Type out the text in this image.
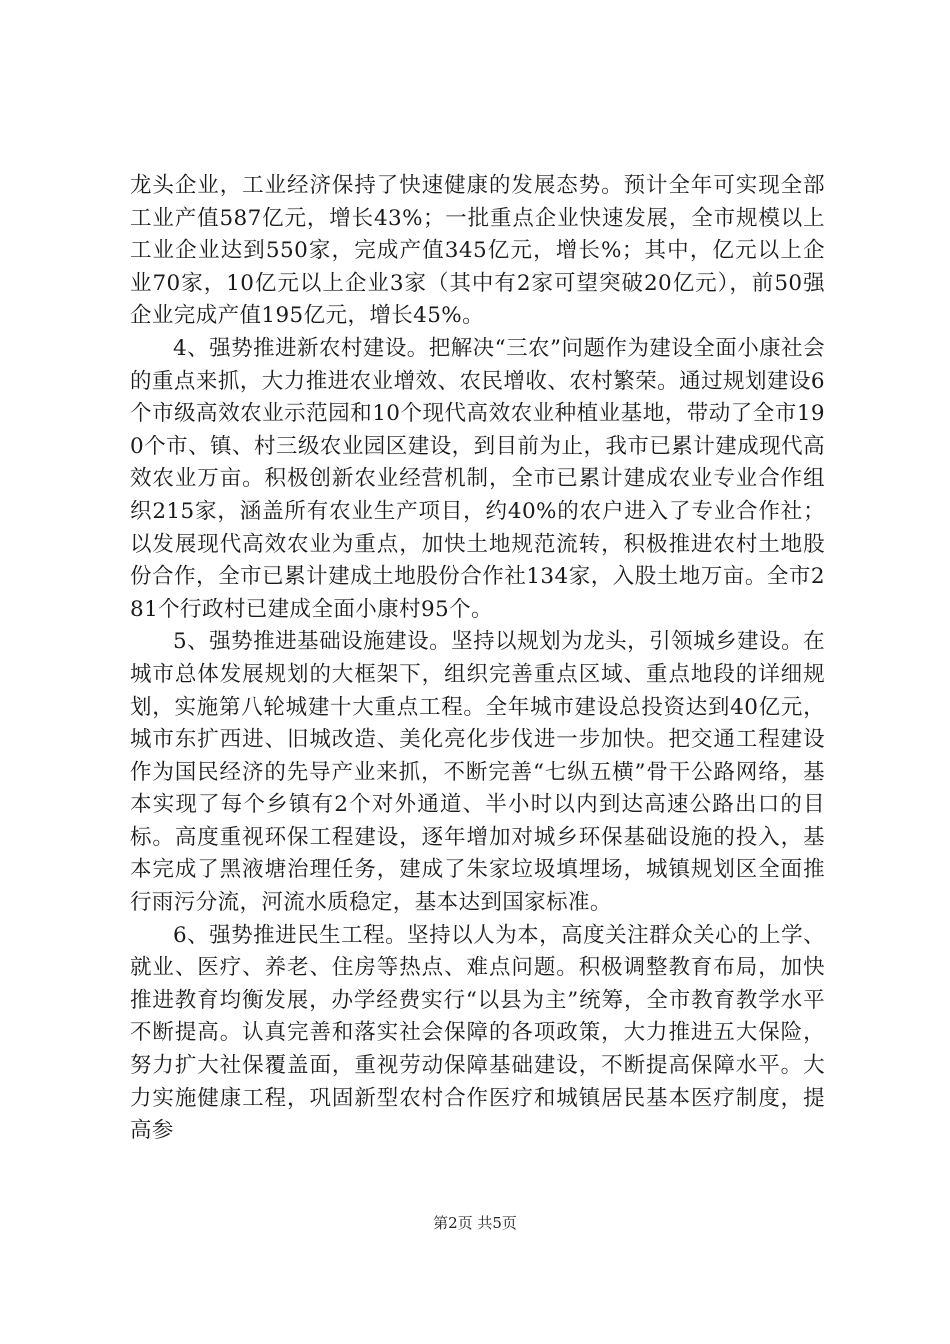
龙头企业，工业经济保持了快速健康的发展态势。预计全年可实现全部工业产值587亿元，增长43%；一批重点企业快速发展，全市规模以上工业企业达到550家，完成产值345亿元，增长%；其中，亿元以上企业70家，10亿元以上企业3家（其中有2家可望突破20亿元），前50强企业完成产值195亿元，增长45%。

4、强势推进新农村建设。把解决“三农”问题作为建设全面小康社会的重点来抓，大力推进农业增效、农民增收、农村繁荣。通过规划建设6个市级高效农业示范园和10个现代高效农业种植业基地，带动了全市190个市、镇、村三级农业园区建设，到目前为止，我市已累计建成现代高效农业万亩。积极创新农业经营机制，全市已累计建成农业专业合作组织215家，涵盖所有农业生产项目，约40%的农户进入了专业合作社；以发展现代高效农业为重点，加快土地规范流转，积极推进农村土地股份合作，全市已累计建成土地股份合作社134家，入股土地万亩。全市281个行政村已建成全面小康村95个。

5、强势推进基础设施建设。坚持以规划为龙头，引领城乡建设。在城市总体发展规划的大框架下，组织完善重点区域、重点地段的详细规划，实施第八轮城建十大重点工程。全年城市建设总投资达到40亿元，城市东扩西进、旧城改造、美化亮化步伐进一步加快。把交通工程建设作为国民经济的先导产业来抓，不断完善“七纵五横”骨干公路网络，基本实现了每个乡镇有2个对外通道、半小时以内到达高速公路出口的目标。高度重视环保工程建设，逐年增加对城乡环保基础设施的投入，基本完成了黑液塘治理任务，建成了朱家垃圾填埋场，城镇规划区全面推行雨污分流，河流水质稳定，基本达到国家标准。

6、强势推进民生工程。坚持以人为本，高度关注群众关心的上学、就业、医疗、养老、住房等热点、难点问题。积极调整教育布局，加快推进教育均衡发展，办学经费实行“以县为主”统筹，全市教育教学水平不断提高。认真完善和落实社会保障的各项政策，大力推进五大保险，努力扩大社保覆盖面，重视劳动保障基础建设，不断提高保障水平。大力实施健康工程，巩固新型农村合作医疗和城镇居民基本医疗制度，提高参

第2页 共5页
